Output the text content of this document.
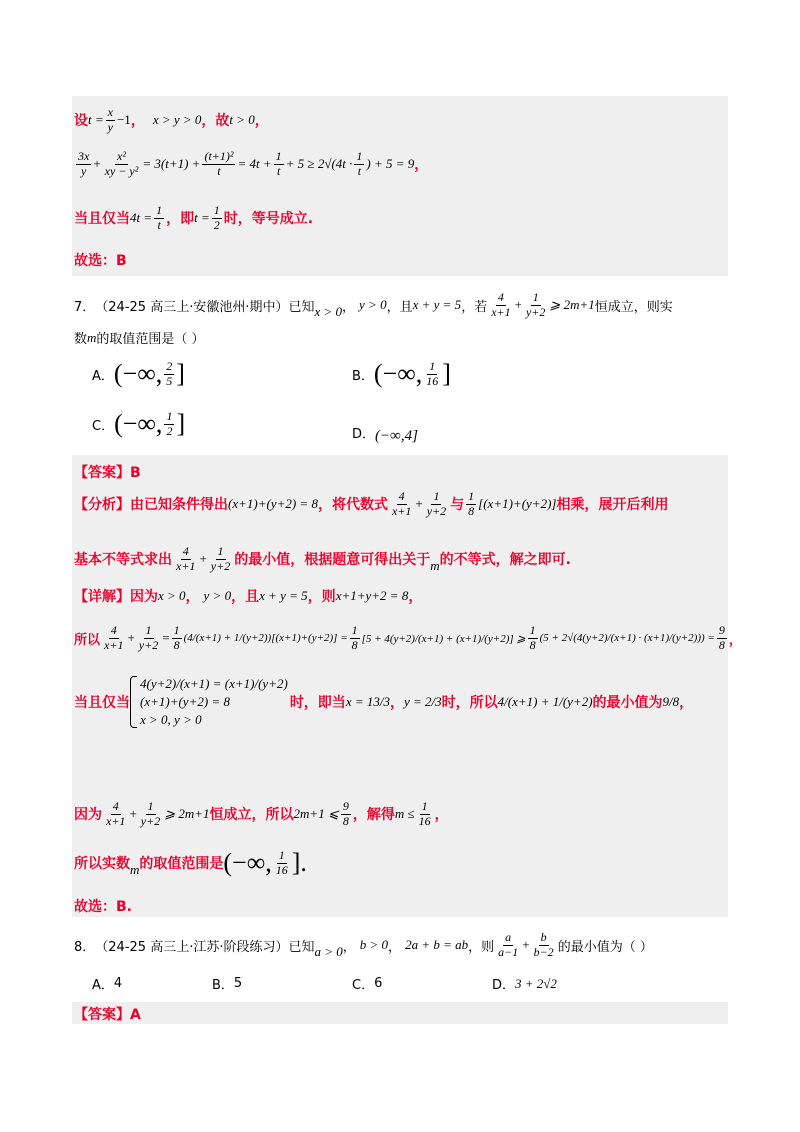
设 $t = \frac{x}{y} -1$ ， x > y > 0 ，故 t > 0 ，
$\frac{3x}{y} + \frac{\text{x²}}{\text{xy − y²}} = 3(t+1) + \frac{\text{(t+1)²}}{t} = 4t + \frac{1}{t} + 5 \ge 2√(4t \cdot \frac{1}{t}$ ) + 5 = 9 ，
当且仅当 $4t = \frac{1}{t}$ ，即 $t = \frac{1}{2}$ 时，等号成立.
故选：B
7． （24-25 高三上·安徽池州·期中）已知 x > 0 ， y > 0 ，且 x + y = 5 ，若 $\frac{4}{x+1} + \frac{1}{y+2}$ ⩾ 2m+1 恒成立，则实
数 m 的取值范围是（ ）
A． (−∞, $\frac{2}{5}$ ]	B． (−∞, $\frac{1}{16}$ ]
C． (−∞, $\frac{1}{2}$ ]	D． (−∞,4]
【答案】B
【分析】由已知条件得出 (x+1)+(y+2) = 8 ，将代数式 $\frac{4}{x+1} + \frac{1}{y+2}$ 与 $\frac{1}{8} [(x+1)+(y+2)]$ 相乘，展开后利用
基本不等式求出 $\frac{4}{x+1} + \frac{1}{y+2}$ 的最小值，根据题意可得出关于 m 的不等式，解之即可.
【详解】因为 x > 0 ， y > 0 ，且 x + y = 5 ，则 x+1+y+2 = 8 ，
所以 $\frac{4}{x+1} + \frac{1}{y+2} = \frac{1}{8} (4/(x+1) + 1/(y+2))[(x+1)+(y+2)] = \frac{1}{8} [5 + 4(y+2)/(x+1) + (x+1)/(y+2)]$ ⩾ $\frac{1}{8} (5 + 2√(4(y+2)/(x+1) \cdot (x+1)/(y+2))) = \frac{9}{8}$ ，
当且仅当
4(y+2)/(x+1) = (x+1)/(y+2)
(x+1)+(y+2) = 8
x > 0, y > 0
时，即当 x = 13/3 ， y = 2/3 时，所以 4/(x+1) + 1/(y+2) 的最小值为 9/8 ，
因为 $\frac{4}{x+1} + \frac{1}{y+2}$ ⩾ 2m+1 恒成立，所以 2m+1 ⩽ $\frac{9}{8}$ ，解得 $m \le \frac{1}{16}$ ，
所以实数 m 的取值范围是 (−∞, $\frac{1}{16}$ ].
故选：B.
8． （24-25 高三上·江苏·阶段练习）已知 a > 0 ， b > 0 ， 2a + b = ab ，则 $\frac{a}{a-1} + \frac{b}{b-2}$ 的最小值为（ ）
A． 4	B． 5	C． 6	D． 3 + 2√2
【答案】A
